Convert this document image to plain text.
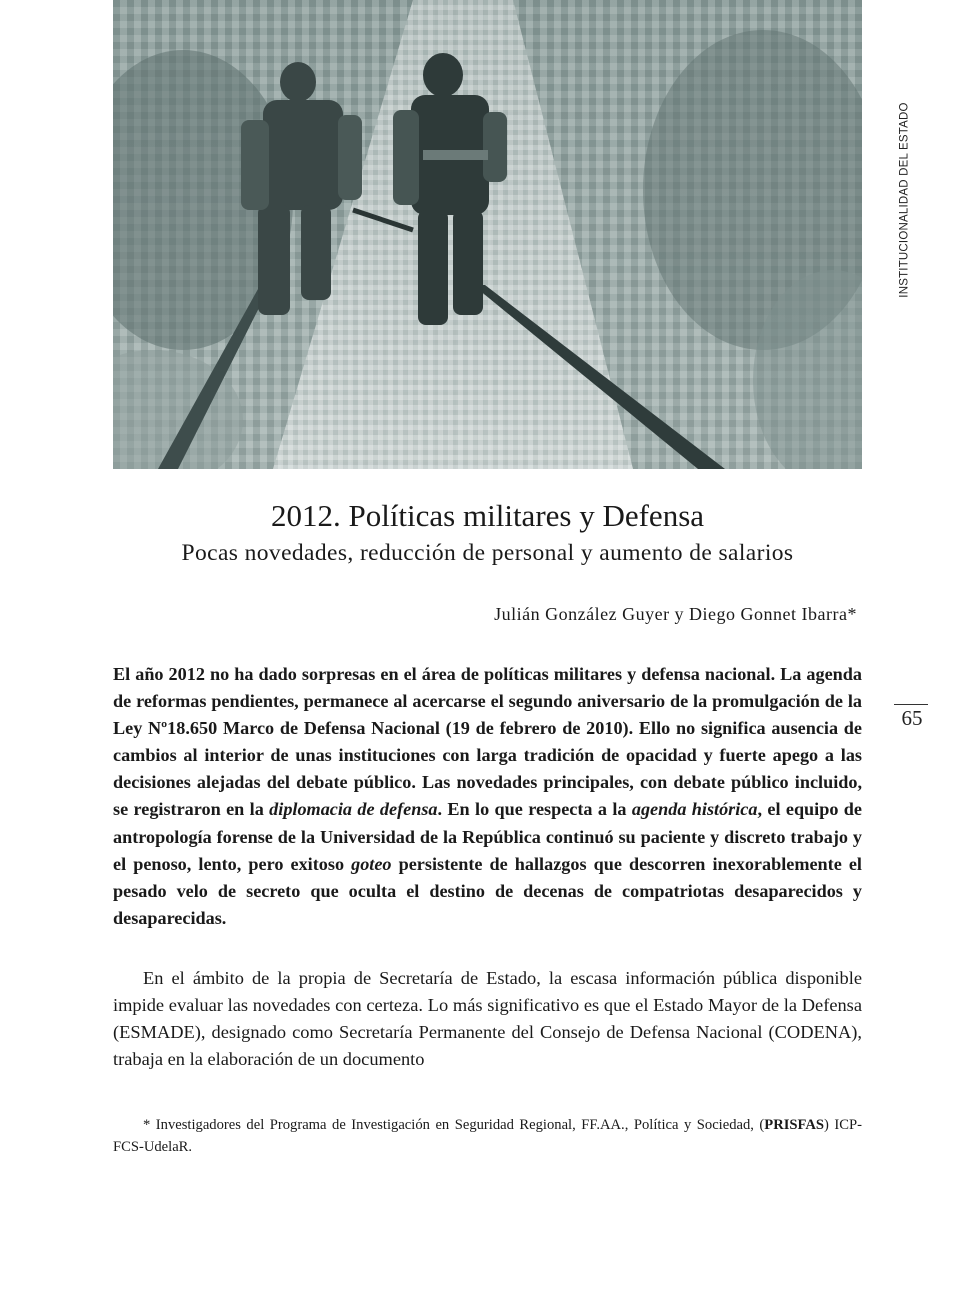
INSTITUCIONALIDAD DEL ESTADO
65
2012. Políticas militares y Defensa
Pocas novedades, reducción de personal y aumento de salarios
Julián González Guyer y Diego Gonnet Ibarra*

El año 2012 no ha dado sorpresas en el área de políticas militares y defensa nacional. La agenda de reformas pendientes, permanece al acercarse el segundo aniversario de la promulgación de la Ley Nº18.650 Marco de Defensa Nacional (19 de febrero de 2010). Ello no significa ausencia de cambios al interior de unas instituciones con larga tradición de opacidad y fuerte apego a las decisiones alejadas del debate público. Las novedades principales, con debate público incluido, se registraron en la diplomacia de defensa. En lo que respecta a la agenda histórica, el equipo de antropología forense de la Universidad de la República continuó su paciente y discreto trabajo y el penoso, lento, pero exitoso goteo persistente de hallazgos que descorren inexorablemente el pesado velo de secreto que oculta el destino de decenas de compatriotas desaparecidos y desaparecidas.

En el ámbito de la propia de Secretaría de Estado, la escasa información pública disponible impide evaluar las novedades con certeza. Lo más significativo es que el Estado Mayor de la Defensa (ESMADE), designado como Secretaría Permanente del Consejo de Defensa Nacional (CODENA), trabaja en la elaboración de un documento

* Investigadores del Programa de Investigación en Seguridad Regional, FF.AA., Política y Sociedad, (PRISFAS) ICP-FCS-UdelaR.
